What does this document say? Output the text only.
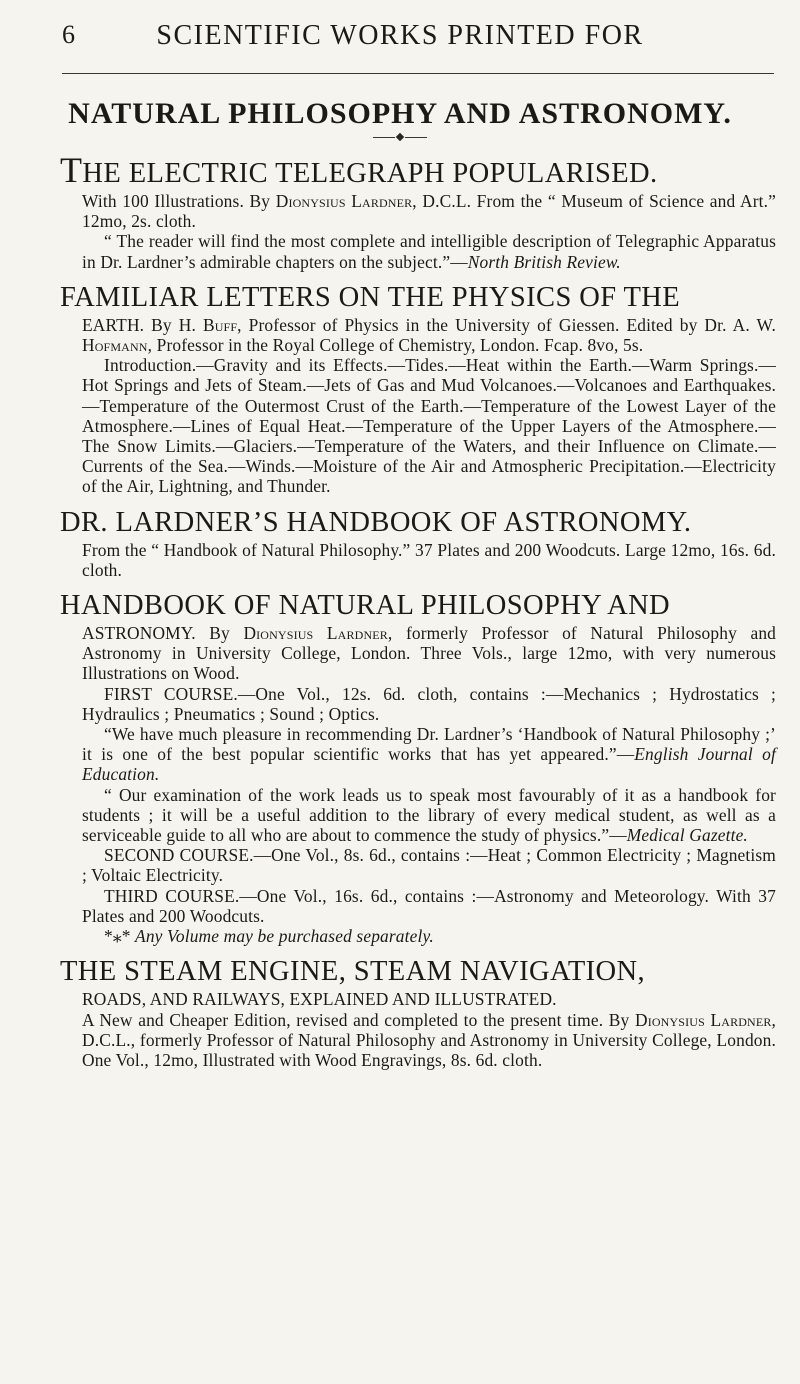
6	SCIENTIFIC WORKS PRINTED FOR
NATURAL PHILOSOPHY AND ASTRONOMY.
THE ELECTRIC TELEGRAPH POPULARISED.

With 100 Illustrations. By Dionysius Lardner, D.C.L. From the “ Museum of Science and Art.” 12mo, 2s. cloth.

“ The reader will find the most complete and intelligible description of Telegraphic Apparatus in Dr. Lardner’s admirable chapters on the subject.”—North British Review.

FAMILIAR LETTERS ON THE PHYSICS OF THE

EARTH. By H. Buff, Professor of Physics in the University of Giessen. Edited by Dr. A. W. Hofmann, Professor in the Royal College of Chemistry, London. Fcap. 8vo, 5s.

Introduction.—Gravity and its Effects.—Tides.—Heat within the Earth.—Warm Springs.—Hot Springs and Jets of Steam.—Jets of Gas and Mud Volcanoes.—Volcanoes and Earthquakes.—Temperature of the Outermost Crust of the Earth.—Temperature of the Lowest Layer of the Atmosphere.—Lines of Equal Heat.—Temperature of the Upper Layers of the Atmosphere.—The Snow Limits.—Glaciers.—Temperature of the Waters, and their Influence on Climate.—Currents of the Sea.—Winds.—Moisture of the Air and Atmospheric Precipitation.—Electricity of the Air, Lightning, and Thunder.

DR. LARDNER’S HANDBOOK OF ASTRONOMY.

From the “ Handbook of Natural Philosophy.” 37 Plates and 200 Woodcuts. Large 12mo, 16s. 6d. cloth.

HANDBOOK OF NATURAL PHILOSOPHY AND

ASTRONOMY. By Dionysius Lardner, formerly Professor of Natural Philosophy and Astronomy in University College, London. Three Vols., large 12mo, with very numerous Illustrations on Wood.

FIRST COURSE.—One Vol., 12s. 6d. cloth, contains :—Mechanics ; Hydrostatics ; Hydraulics ; Pneumatics ; Sound ; Optics.

“We have much pleasure in recommending Dr. Lardner’s ‘Handbook of Natural Philosophy ;’ it is one of the best popular scientific works that has yet appeared.”—English Journal of Education.

“ Our examination of the work leads us to speak most favourably of it as a handbook for students ; it will be a useful addition to the library of every medical student, as well as a serviceable guide to all who are about to commence the study of physics.”—Medical Gazette.

SECOND COURSE.—One Vol., 8s. 6d., contains :—Heat ; Common Electricity ; Magnetism ; Voltaic Electricity.

THIRD COURSE.—One Vol., 16s. 6d., contains :—Astronomy and Meteorology. With 37 Plates and 200 Woodcuts.

*⁎* Any Volume may be purchased separately.

THE STEAM ENGINE, STEAM NAVIGATION,

ROADS, AND RAILWAYS, EXPLAINED AND ILLUSTRATED.

A New and Cheaper Edition, revised and completed to the present time. By Dionysius Lardner, D.C.L., formerly Professor of Natural Philosophy and Astronomy in University College, London. One Vol., 12mo, Illustrated with Wood Engravings, 8s. 6d. cloth.
